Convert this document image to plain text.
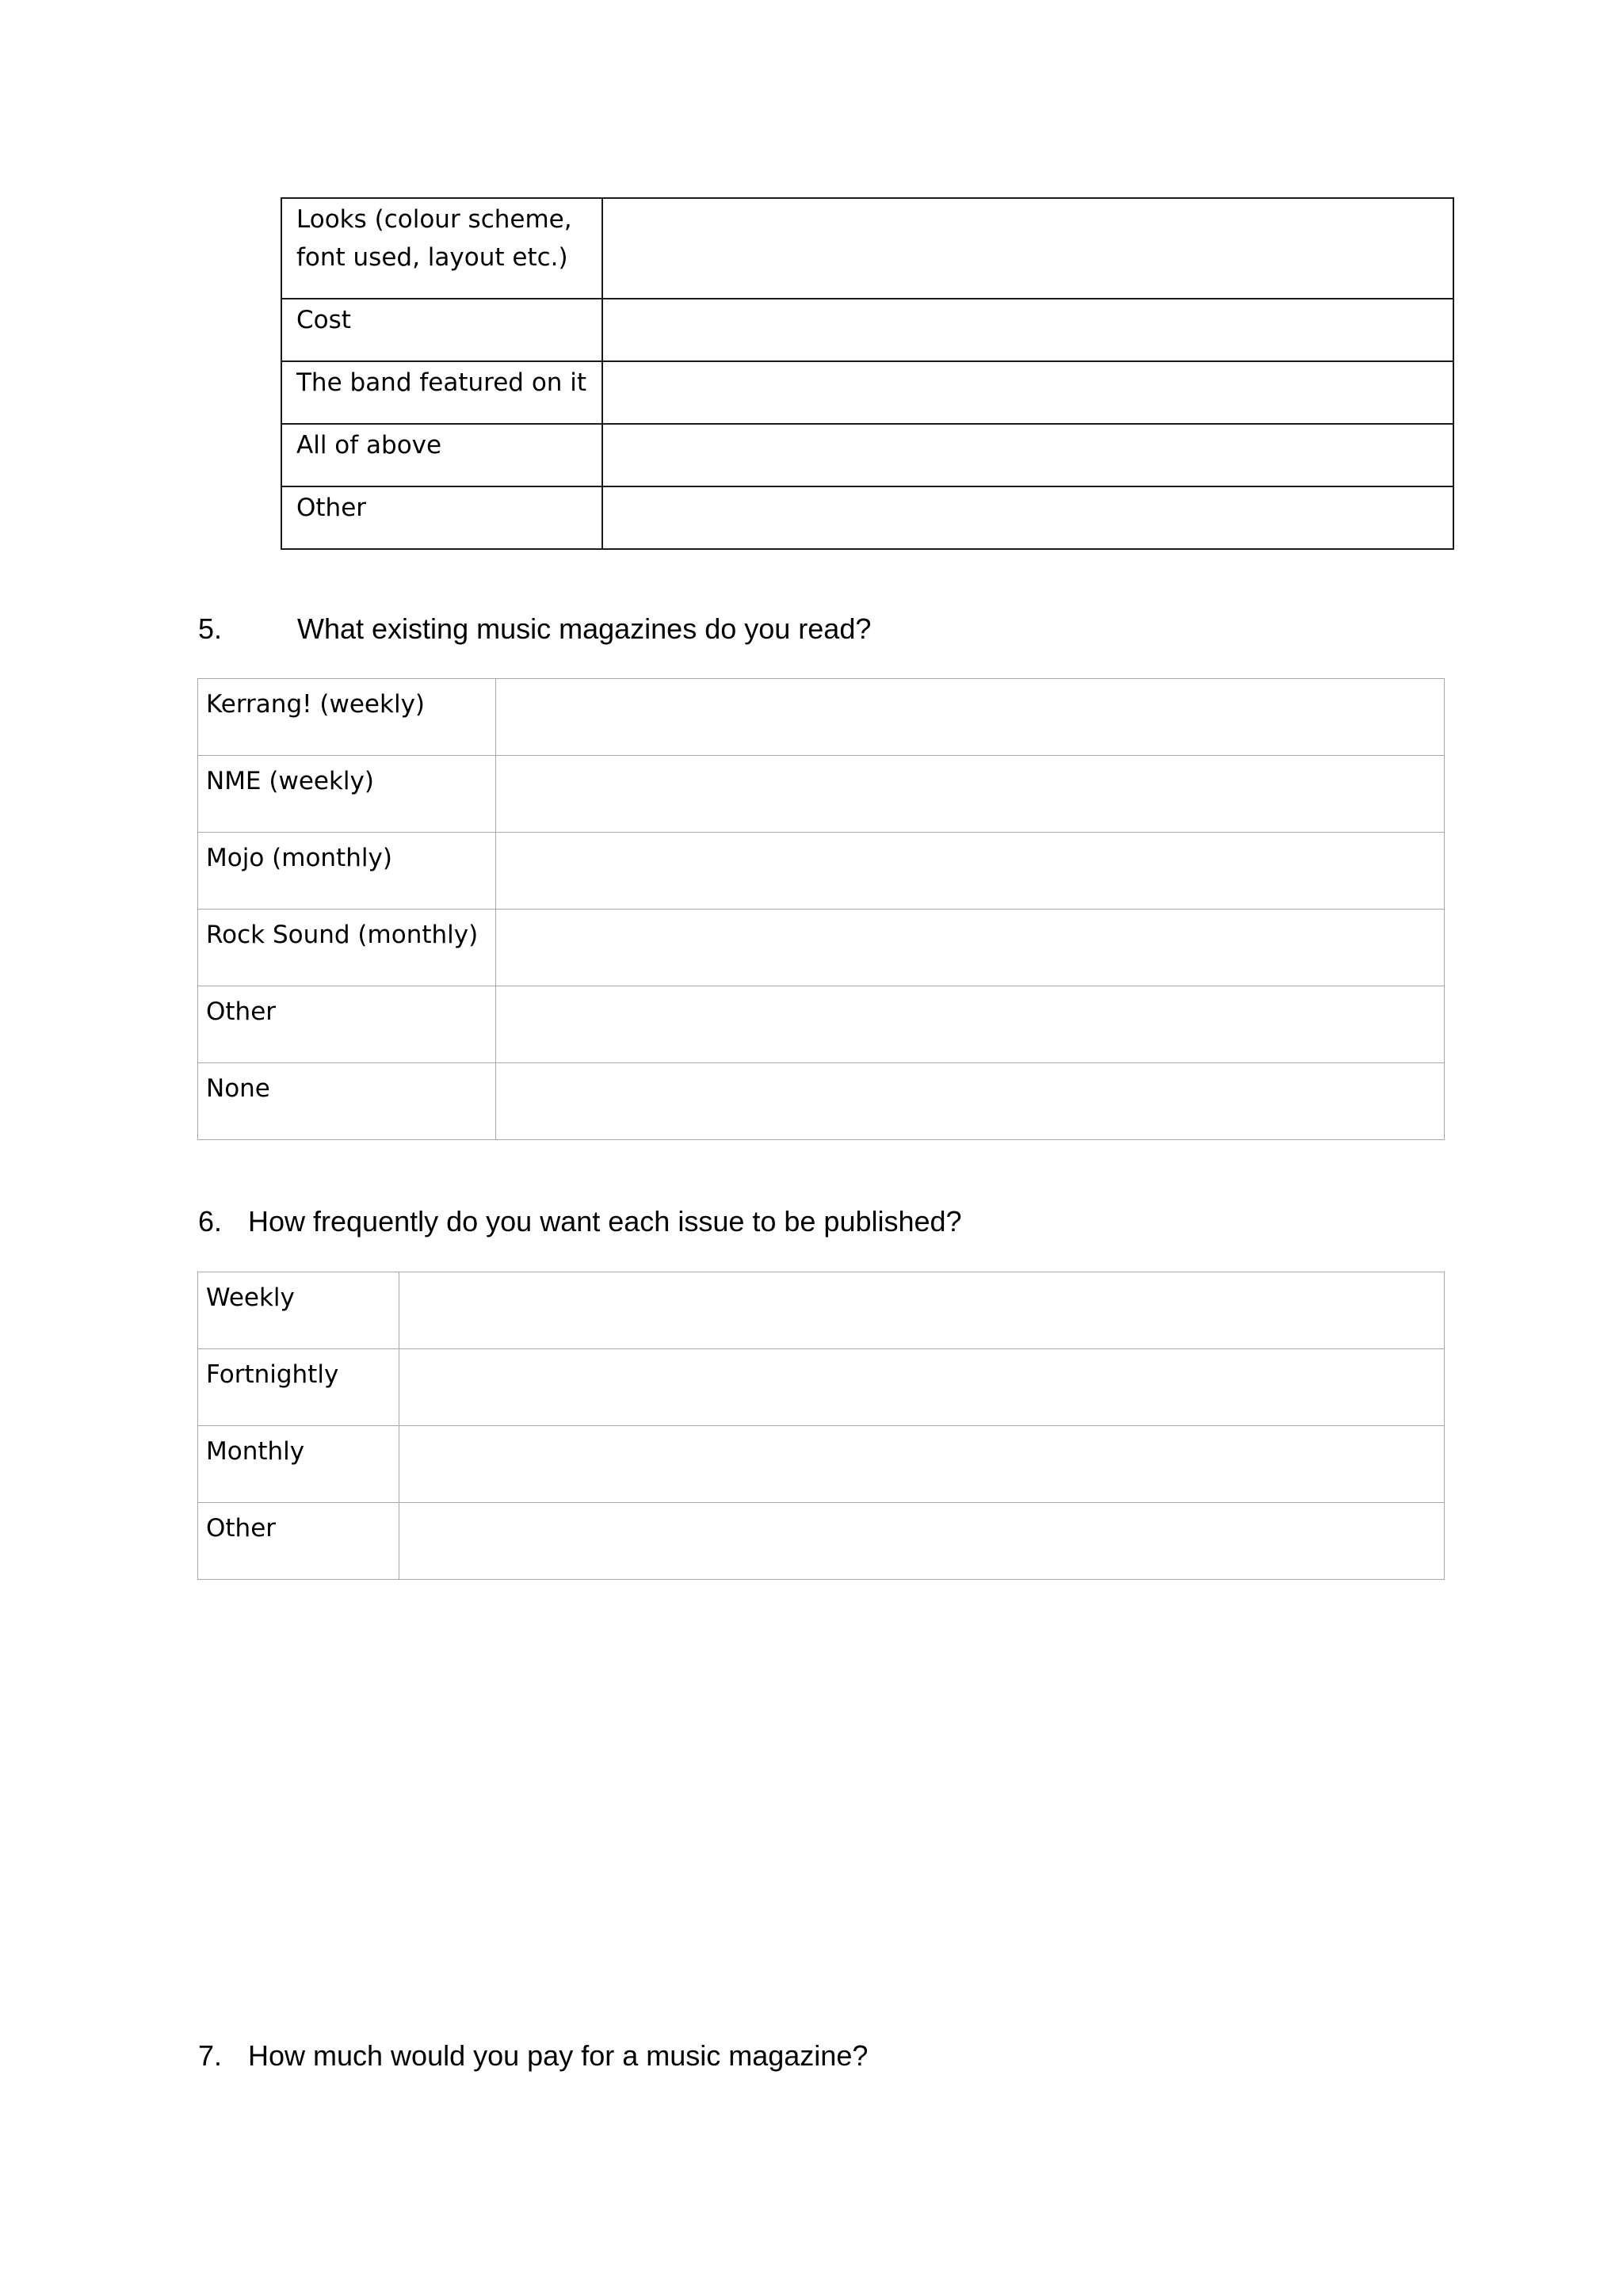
Looks (colour scheme,
font used, layout etc.)	

Cost	

The band featured on it	

All of above	

Other	

5.	What existing music magazines do you read?
Kerrang! (weekly)	

NME (weekly)	

Mojo (monthly)	

Rock Sound (monthly)	

Other	

None	

6. How frequently do you want each issue to be published?
Weekly	

Fortnightly	

Monthly	

Other	

7. How much would you pay for a music magazine?
